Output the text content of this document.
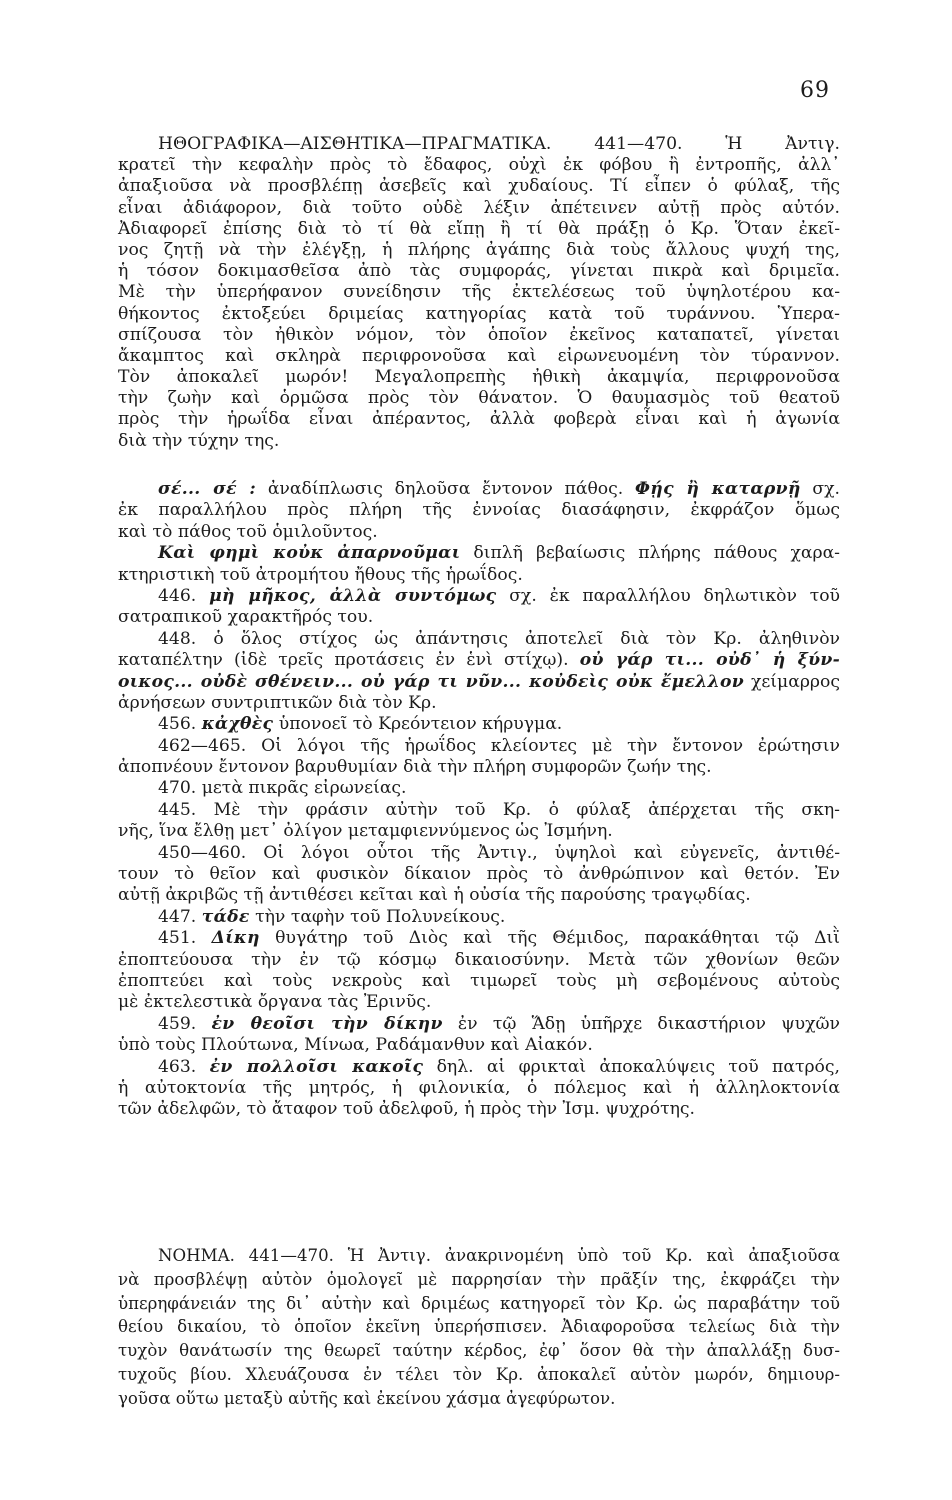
69
ΗΘΟΓΡΑΦΙΚΑ—ΑΙΣΘΗΤΙΚΑ—ΠΡΑΓΜΑΤΙΚΑ. 441—470. Ἡ Ἀντιγ.
κρατεῖ τὴν κεφαλὴν πρὸς τὸ ἔδαφος, οὐχὶ ἐκ φόβου ἢ ἐντροπῆς, ἀλλ᾽
ἀπαξιοῦσα νὰ προσβλέπῃ ἀσεβεῖς καὶ χυδαίους. Τί εἶπεν ὁ φύλαξ, τῆς
εἶναι ἀδιάφορον, διὰ τοῦτο οὐδὲ λέξιν ἀπέτεινεν αὐτῇ πρὸς αὐτόν.
Ἀδιαφορεῖ ἐπίσης διὰ τὸ τί θὰ εἴπῃ ἢ τί θὰ πράξῃ ὁ Κρ. Ὅταν ἐκεῖ-
νος ζητῇ νὰ τὴν ἐλέγξῃ, ἡ πλήρης ἀγάπης διὰ τοὺς ἄλλους ψυχή της,
ἡ τόσον δοκιμασθεῖσα ἀπὸ τὰς συμφοράς, γίνεται πικρὰ καὶ δριμεῖα.
Μὲ τὴν ὑπερήφανον συνείδησιν τῆς ἐκτελέσεως τοῦ ὑψηλοτέρου κα-
θήκοντος ἐκτοξεύει δριμείας κατηγορίας κατὰ τοῦ τυράννου. Ὑπερα-
σπίζουσα τὸν ἠθικὸν νόμον, τὸν ὁποῖον ἐκεῖνος καταπατεῖ, γίνεται
ἄκαμπτος καὶ σκληρὰ περιφρονοῦσα καὶ εἰρωνευομένη τὸν τύραννον.
Τὸν ἀποκαλεῖ μωρόν! Μεγαλοπρεπὴς ἠθικὴ ἀκαμψία, περιφρονοῦσα
τὴν ζωὴν καὶ ὁρμῶσα πρὸς τὸν θάνατον. Ὁ θαυμασμὸς τοῦ θεατοῦ
πρὸς τὴν ἡρωΐδα εἶναι ἀπέραντος, ἀλλὰ φοβερὰ εἶναι καὶ ἡ ἀγωνία
διὰ τὴν τύχην της.
σέ... σέ : ἀναδίπλωσις δηλοῦσα ἔντονον πάθος. Φῄς ἢ καταρνῇ σχ.
ἐκ παραλλήλου πρὸς πλήρη τῆς ἐννοίας διασάφησιν, ἐκφράζον ὅμως
καὶ τὸ πάθος τοῦ ὁμιλοῦντος.
Καὶ φημὶ κοὐκ ἀπαρνοῦμαι διπλῆ βεβαίωσις πλήρης πάθους χαρα-
κτηριστικὴ τοῦ ἀτρομήτου ἤθους τῆς ἡρωΐδος.
446. μὴ μῆκος, ἀλλὰ συντόμως σχ. ἐκ παραλλήλου δηλωτικὸν τοῦ
σατραπικοῦ χαρακτῆρός του.
448. ὁ ὅλος στίχος ὡς ἀπάντησις ἀποτελεῖ διὰ τὸν Κρ. ἀληθινὸν
καταπέλτην (ἰδὲ τρεῖς προτάσεις ἐν ἑνὶ στίχῳ). οὐ γάρ τι... οὐδ᾽ ἡ ξύν-
οικος... οὐδὲ σθένειν... οὐ γάρ τι νῦν... κοὐδεὶς οὐκ ἔμελλον χείμαρρος
ἀρνήσεων συντριπτικῶν διὰ τὸν Κρ.
456. κἀχθὲς ὑπονοεῖ τὸ Κρεόντειον κήρυγμα.
462—465. Οἱ λόγοι τῆς ἡρωΐδος κλείοντες μὲ τὴν ἔντονον ἐρώτησιν
ἀποπνέουν ἔντονον βαρυθυμίαν διὰ τὴν πλήρη συμφορῶν ζωήν της.
470. μετὰ πικρᾶς εἰρωνείας.
445. Μὲ τὴν φράσιν αὐτὴν τοῦ Κρ. ὁ φύλαξ ἀπέρχεται τῆς σκη-
νῆς, ἵνα ἔλθῃ μετ᾽ ὀλίγον μεταμφιεννύμενος ὡς Ἰσμήνη.
450—460. Οἱ λόγοι οὗτοι τῆς Ἀντιγ., ὑψηλοὶ καὶ εὐγενεῖς, ἀντιθέ-
τουν τὸ θεῖον καὶ φυσικὸν δίκαιον πρὸς τὸ ἀνθρώπινον καὶ θετόν. Ἐν
αὐτῇ ἀκριβῶς τῇ ἀντιθέσει κεῖται καὶ ἡ οὐσία τῆς παρούσης τραγῳδίας.
447. τάδε τὴν ταφὴν τοῦ Πολυνείκους.
451. Δίκη θυγάτηρ τοῦ Διὸς καὶ τῆς Θέμιδος, παρακάθηται τῷ Διῒ
ἐποπτεύουσα τὴν ἐν τῷ κόσμῳ δικαιοσύνην. Μετὰ τῶν χθονίων θεῶν
ἐποπτεύει καὶ τοὺς νεκροὺς καὶ τιμωρεῖ τοὺς μὴ σεβομένους αὐτοὺς
μὲ ἐκτελεστικὰ ὄργανα τὰς Ἐρινῦς.
459. ἐν θεοῖσι τὴν δίκην ἐν τῷ Ἅδῃ ὑπῆρχε δικαστήριον ψυχῶν
ὑπὸ τοὺς Πλούτωνα, Μίνωα, Ραδάμανθυν καὶ Αἰακόν.
463. ἐν πολλοῖσι κακοῖς δηλ. αἱ φρικταὶ ἀποκαλύψεις τοῦ πατρός,
ἡ αὐτοκτονία τῆς μητρός, ἡ φιλονικία, ὁ πόλεμος καὶ ἡ ἀλληλοκτονία
τῶν ἀδελφῶν, τὸ ἄταφον τοῦ ἀδελφοῦ, ἡ πρὸς τὴν Ἰσμ. ψυχρότης.
ΝΟΗΜΑ. 441—470. Ἡ Ἀντιγ. ἀνακρινομένη ὑπὸ τοῦ Κρ. καὶ ἀπαξιοῦσα
νὰ προσβλέψῃ αὐτὸν ὁμολογεῖ μὲ παρρησίαν τὴν πρᾶξίν της, ἐκφράζει τὴν
ὑπερηφάνειάν της δι᾽ αὐτὴν καὶ δριμέως κατηγορεῖ τὸν Κρ. ὡς παραβάτην τοῦ
θείου δικαίου, τὸ ὁποῖον ἐκεῖνη ὑπερήσπισεν. Ἀδιαφοροῦσα τελείως διὰ τὴν
τυχὸν θανάτωσίν της θεωρεῖ ταύτην κέρδος, ἐφ᾽ ὅσον θὰ τὴν ἀπαλλάξῃ δυσ-
τυχοῦς βίου. Χλευάζουσα ἐν τέλει τὸν Κρ. ἀποκαλεῖ αὐτὸν μωρόν, δημιουρ-
γοῦσα οὕτω μεταξὺ αὐτῆς καὶ ἐκείνου χάσμα ἀγεφύρωτον.
